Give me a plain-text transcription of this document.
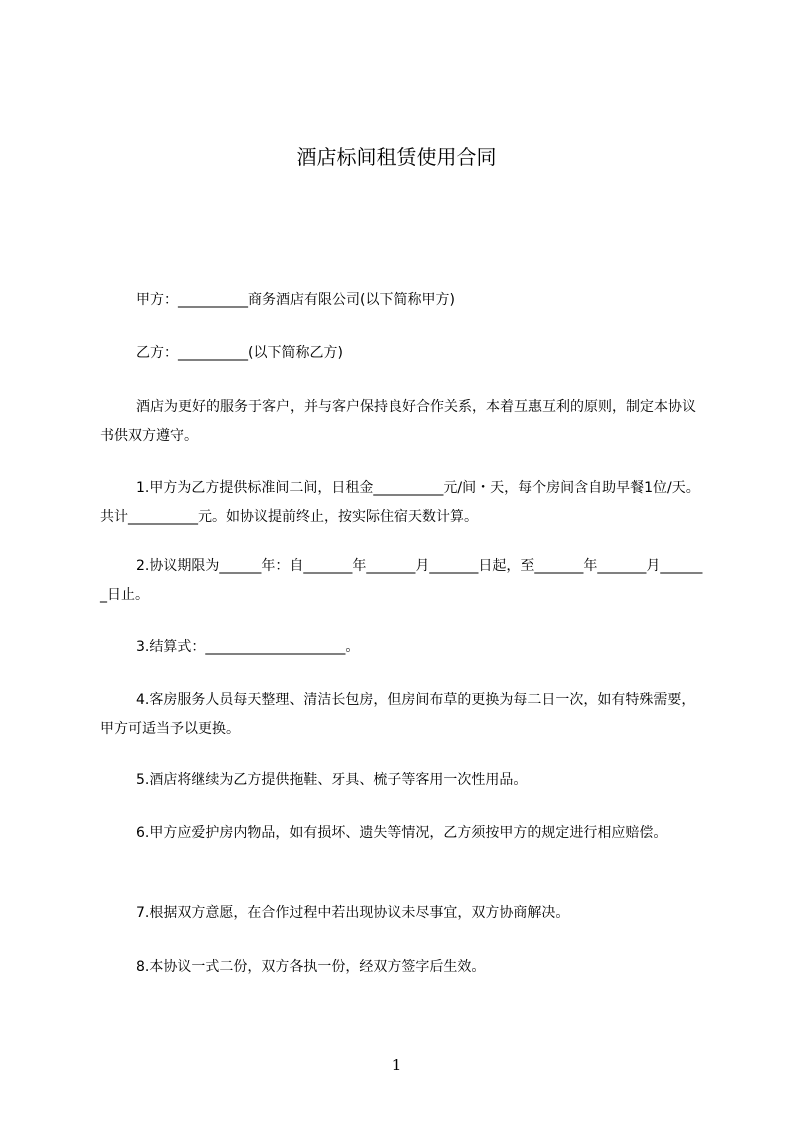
酒店标间租赁使用合同
甲方：__________商务酒店有限公司(以下简称甲方)
乙方：__________(以下简称乙方)
酒店为更好的服务于客户，并与客户保持良好合作关系，本着互惠互利的原则，制定本协议书供双方遵守。
1.甲方为乙方提供标准间二间，日租金__________元/间・天，每个房间含自助早餐1位/天。共计__________元。如协议提前终止，按实际住宿天数计算。
2.协议期限为______年：自_______年_______月_______日起，至_______年_______月_______日止。
3.结算式：____________________。
4.客房服务人员每天整理、清洁长包房，但房间布草的更换为每二日一次，如有特殊需要，甲方可适当予以更换。
5.酒店将继续为乙方提供拖鞋、牙具、梳子等客用一次性用品。
6.甲方应爱护房内物品，如有损坏、遗失等情况，乙方须按甲方的规定进行相应赔偿。
7.根据双方意愿，在合作过程中若出现协议未尽事宜，双方协商解决。
8.本协议一式二份，双方各执一份，经双方签字后生效。
1
